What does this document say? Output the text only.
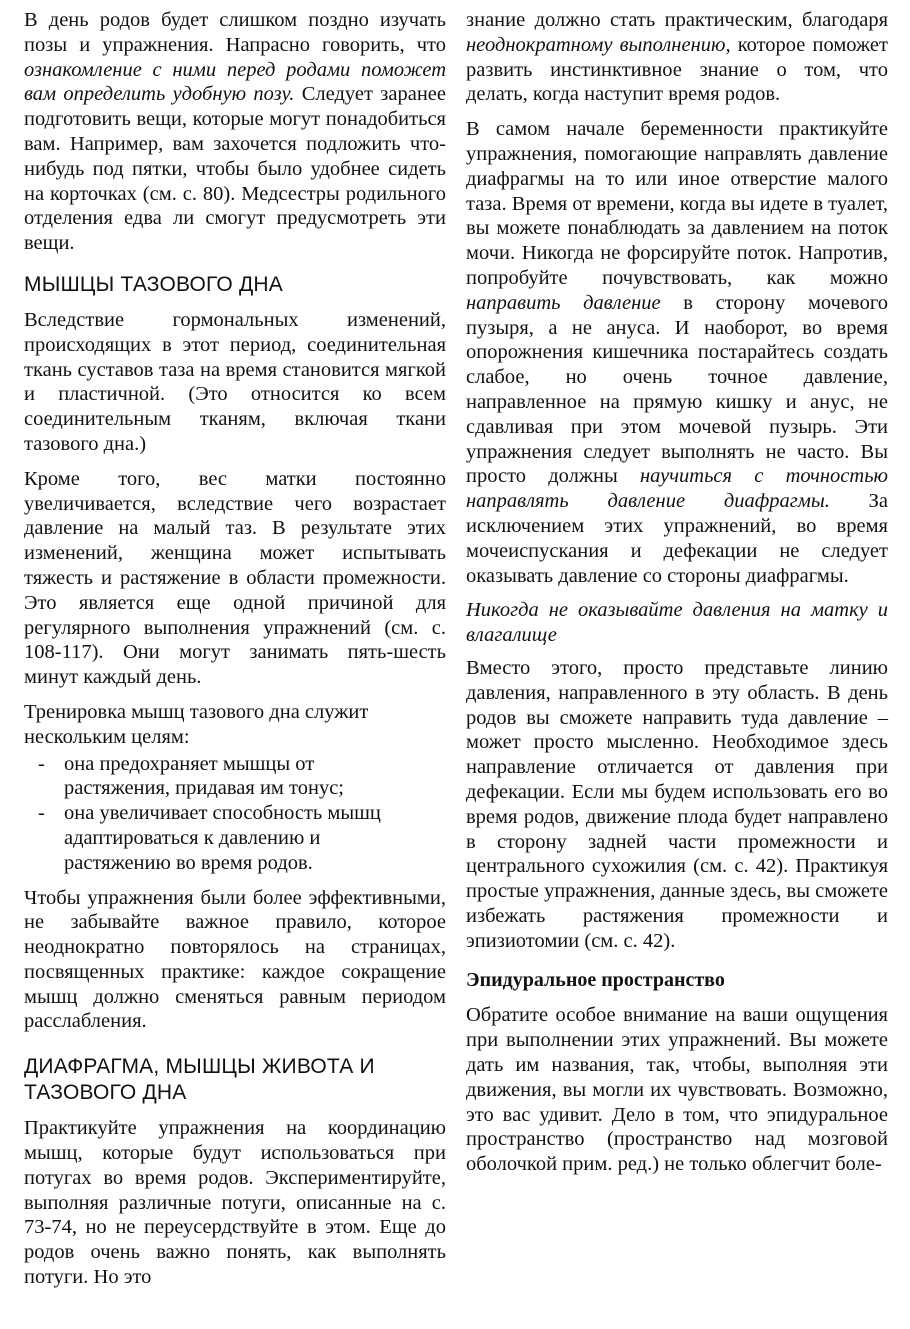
В день родов будет слишком поздно изучать позы и упражнения. Напрасно говорить, что ознакомление с ними перед родами поможет вам определить удобную позу. Следует заранее подготовить вещи, которые могут понадобиться вам. Например, вам захочется подложить что-нибудь под пятки, чтобы было удобнее сидеть на корточках (см. с. 80). Медсестры родильного отделения едва ли смогут предусмотреть эти вещи.

МЫШЦЫ ТАЗОВОГО ДНА

Вследствие гормональных изменений, происходящих в этот период, соединительная ткань суставов таза на время становится мягкой и пластичной. (Это относится ко всем соединительным тканям, включая ткани тазового дна.)

Кроме того, вес матки постоянно увеличивается, вследствие чего возрастает давление на малый таз. В результате этих изменений, женщина может испытывать тяжесть и растяжение в области промежности. Это является еще одной причиной для регулярного выполнения упражнений (см. с. 108-117). Они могут занимать пять-шесть минут каждый день.

Тренировка мышц тазового дна служит нескольким целям:

- она предохраняет мышцы от растяжения, придавая им тонус;
- она увеличивает способность мышц адаптироваться к давлению и растяжению во время родов.

Чтобы упражнения были более эффективными, не забывайте важное правило, которое неоднократно повторялось на страницах, посвященных практике: каждое сокращение мышц должно сменяться равным периодом расслабления.

ДИАФРАГМА, МЫШЦЫ ЖИВОТА И ТАЗОВОГО ДНА

Практикуйте упражнения на координацию мышц, которые будут использоваться при потугах во время родов. Экспериментируйте, выполняя различные потуги, описанные на с. 73-74, но не переусердствуйте в этом. Еще до родов очень важно понять, как выполнять потуги. Но это

знание должно стать практическим, благодаря неоднократному выполнению, которое поможет развить инстинктивное знание о том, что делать, когда наступит время родов.

В самом начале беременности практикуйте упражнения, помогающие направлять давление диафрагмы на то или иное отверстие малого таза. Время от времени, когда вы идете в туалет, вы можете понаблюдать за давлением на поток мочи. Никогда не форсируйте поток. Напротив, попробуйте почувствовать, как можно направить давление в сторону мочевого пузыря, а не ануса. И наоборот, во время опорожнения кишечника постарайтесь создать слабое, но очень точное давление, направленное на прямую кишку и анус, не сдавливая при этом мочевой пузырь. Эти упражнения следует выполнять не часто. Вы просто должны научиться с точностью направлять давление диафрагмы. За исключением этих упражнений, во время мочеиспускания и дефекации не следует оказывать давление со стороны диафрагмы.

Никогда не оказывайте давления на матку и влагалище

Вместо этого, просто представьте линию давления, направленного в эту область. В день родов вы сможете направить туда давление – может просто мысленно. Необходимое здесь направление отличается от давления при дефекации. Если мы будем использовать его во время родов, движение плода будет направлено в сторону задней части промежности и центрального сухожилия (см. с. 42). Практикуя простые упражнения, данные здесь, вы сможете избежать растяжения промежности и эпизиотомии (см. с. 42).

Эпидуральное пространство

Обратите особое внимание на ваши ощущения при выполнении этих упражнений. Вы можете дать им названия, так, чтобы, выполняя эти движения, вы могли их чувствовать. Возможно, это вас удивит. Дело в том, что эпидуральное пространство (пространство над мозговой оболочкой прим. ред.) не только облегчит боле-
